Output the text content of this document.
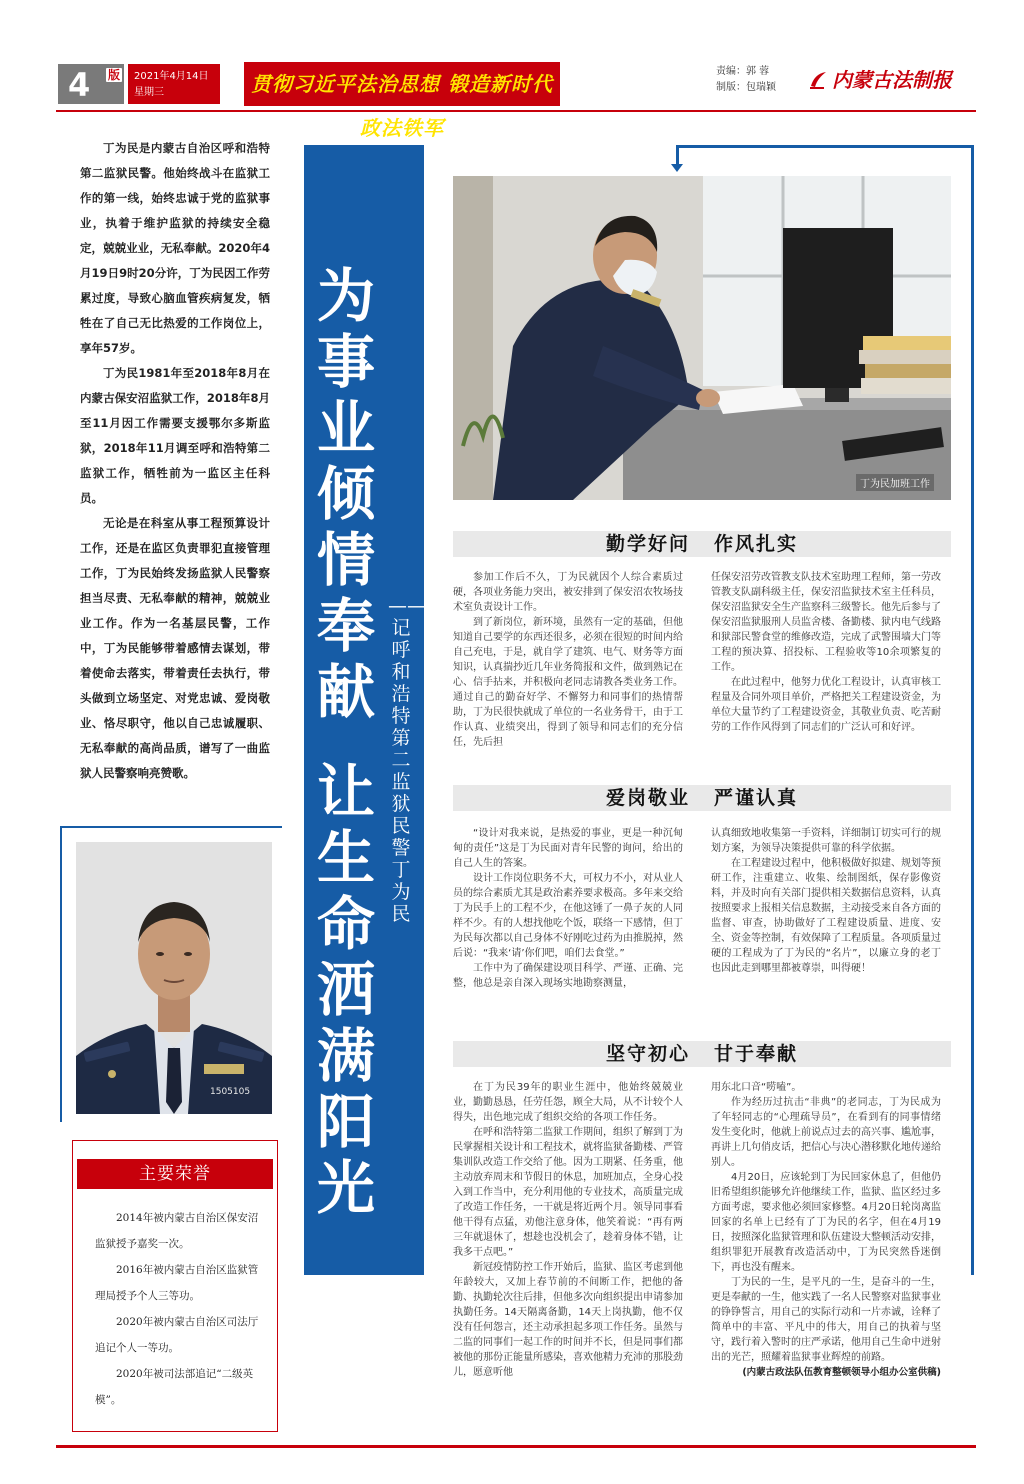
4 版 2021年4月14日
星期三	贯彻习近平法治思想 锻造新时代政法铁军
责编：郭 蓉
制版：包瑞颖	内蒙古法制报

丁为民是内蒙古自治区呼和浩特第二监狱民警。他始终战斗在监狱工作的第一线，始终忠诚于党的监狱事业，执着于维护监狱的持续安全稳定，兢兢业业，无私奉献。2020年4月19日9时20分许，丁为民因工作劳累过度，导致心脑血管疾病复发，牺牲在了自己无比热爱的工作岗位上，享年57岁。

丁为民1981年至2018年8月在内蒙古保安沼监狱工作，2018年8月至11月因工作需要支援鄂尔多斯监狱，2018年11月调至呼和浩特第二监狱工作，牺牲前为一监区主任科员。

无论是在科室从事工程预算设计工作，还是在监区负责罪犯直接管理工作，丁为民始终发扬监狱人民警察担当尽责、无私奉献的精神，兢兢业业工作。作为一名基层民警，工作中，丁为民能够带着感情去谋划，带着使命去落实，带着责任去执行，带头做到立场坚定、对党忠诚、爱岗敬业、恪尽职守，他以自己忠诚履职、无私奉献的高尚品质，谱写了一曲监狱人民警察响亮赞歌。

为事业倾情奉献
让生命洒满阳光
——记呼和浩特第二监狱民警丁为民
1505105
主要荣誉

2014年被内蒙古自治区保安沼监狱授予嘉奖一次。

2016年被内蒙古自治区监狱管理局授予个人三等功。

2020年被内蒙古自治区司法厅追记个人一等功。

2020年被司法部追记“二级英模”。

丁为民加班工作
勤学好问 作风扎实

参加工作后不久，丁为民就因个人综合素质过硬，各项业务能力突出，被安排到了保安沼农牧场技术室负责设计工作。

到了新岗位，新环境，虽然有一定的基础，但他知道自己要学的东西还很多，必须在很短的时间内给自己充电，于是，就自学了建筑、电气、财务等方面知识，认真揣抄近几年业务简报和文件，做到熟记在心、信手拈来，并积极向老同志请教各类业务工作。通过自己的勤奋好学、不懈努力和同事们的热情帮助，丁为民很快就成了单位的一名业务骨干，由于工作认真、业绩突出，得到了领导和同志们的充分信任，先后担

任保安沼劳改管教支队技术室助理工程师，第一劳改管教支队副科级主任，保安沼监狱技术室主任科员，保安沼监狱安全生产监察科三级警长。他先后参与了保安沼监狱服刑人员监舍楼、备勤楼、狱内电气线路和狱部民警食堂的维修改造，完成了武警围墙大门等工程的预决算、招投标、工程验收等10余项繁复的工作。

在此过程中，他努力优化工程设计，认真审核工程量及合同外项目单价，严格把关工程建设资金，为单位大量节约了工程建设资金，其敬业负责、吃苦耐劳的工作作风得到了同志们的广泛认可和好评。

爱岗敬业 严谨认真

“设计对我来说，是热爱的事业，更是一种沉甸甸的责任”这是丁为民面对青年民警的询问，给出的自己人生的答案。

设计工作岗位职务不大，可权力不小，对从业人员的综合素质尤其是政治素养要求极高。多年来交给丁为民手上的工程不少，在他这锤了一鼻子灰的人同样不少。有的人想找他吃个饭，联络一下感情，但丁为民每次都以自己身体不好刚吃过药为由推脱掉，然后说：“我来‘请’你们吧，咱们去食堂。”

工作中为了确保建设项目科学、严谨、正确、完整，他总是亲自深入现场实地勘察测量，

认真细致地收集第一手资料，详细制订切实可行的规划方案，为领导决策提供可靠的科学依据。

在工程建设过程中，他积极做好拟建、规划等预研工作，注重建立、收集、绘制图纸，保存影像资料，并及时向有关部门提供相关数据信息资料，认真按照要求上报相关信息数据，主动接受来自各方面的监督、审查，协助做好了工程建设质量、进度、安全、资金等控制，有效保障了工程质量。各项质量过硬的工程成为了丁为民的“名片”，以廉立身的老丁也因此走到哪里都被尊崇，叫得硬！

坚守初心 甘于奉献

在丁为民39年的职业生涯中，他始终兢兢业业，勤勤恳恳，任劳任怨，顾全大局，从不计较个人得失，出色地完成了组织交给的各项工作任务。

在呼和浩特第二监狱工作期间，组织了解到丁为民掌握相关设计和工程技术，就将监狱备勤楼、严管集训队改造工作交给了他。因为工期紧、任务重，他主动放弃周末和节假日的休息，加班加点，全身心投入到工作当中，充分利用他的专业技术，高质量完成了改造工作任务，一干就是将近两个月。领导同事看他干得有点猛，劝他注意身体，他笑着说：“再有两三年就退休了，想趁也没机会了，趁着身体不错，让我多干点吧。”

新冠疫情防控工作开始后，监狱、监区考虑到他年龄较大，又加上春节前的不间断工作，把他的备勤、执勤轮次往后排，但他多次向组织提出申请参加执勤任务。14天隔离备勤，14天上岗执勤，他不仅没有任何怨言，还主动承担起多项工作任务。虽然与二监的同事们一起工作的时间并不长，但是同事们都被他的那份正能量所感染，喜欢他精力充沛的那股劲儿，愿意听他

用东北口音“唠嗑”。

作为经历过抗击“非典”的老同志，丁为民成为了年轻同志的“心理疏导员”，在看到有的同事情绪发生变化时，他就上前说点过去的高兴事、尴尬事，再讲上几句俏皮话，把信心与决心潜移默化地传递给别人。

4月20日，应该轮到丁为民回家休息了，但他仍旧希望组织能够允许他继续工作，监狱、监区经过多方面考虑，要求他必须回家修整。4月20日轮岗离监回家的名单上已经有了丁为民的名字，但在4月19日，按照深化监狱管理和队伍建设大整顿活动安排，组织罪犯开展教育改造活动中，丁为民突然昏迷倒下，再也没有醒来。

丁为民的一生，是平凡的一生，是奋斗的一生，更是奉献的一生，他实践了一名人民警察对监狱事业的铮铮誓言，用自己的实际行动和一片赤诚，诠释了简单中的丰富、平凡中的伟大，用自己的执着与坚守，践行着入警时的庄严承诺，他用自己生命中迸射出的光芒，照耀着监狱事业辉煌的前路。

(内蒙古政法队伍教育整顿领导小组办公室供稿)
